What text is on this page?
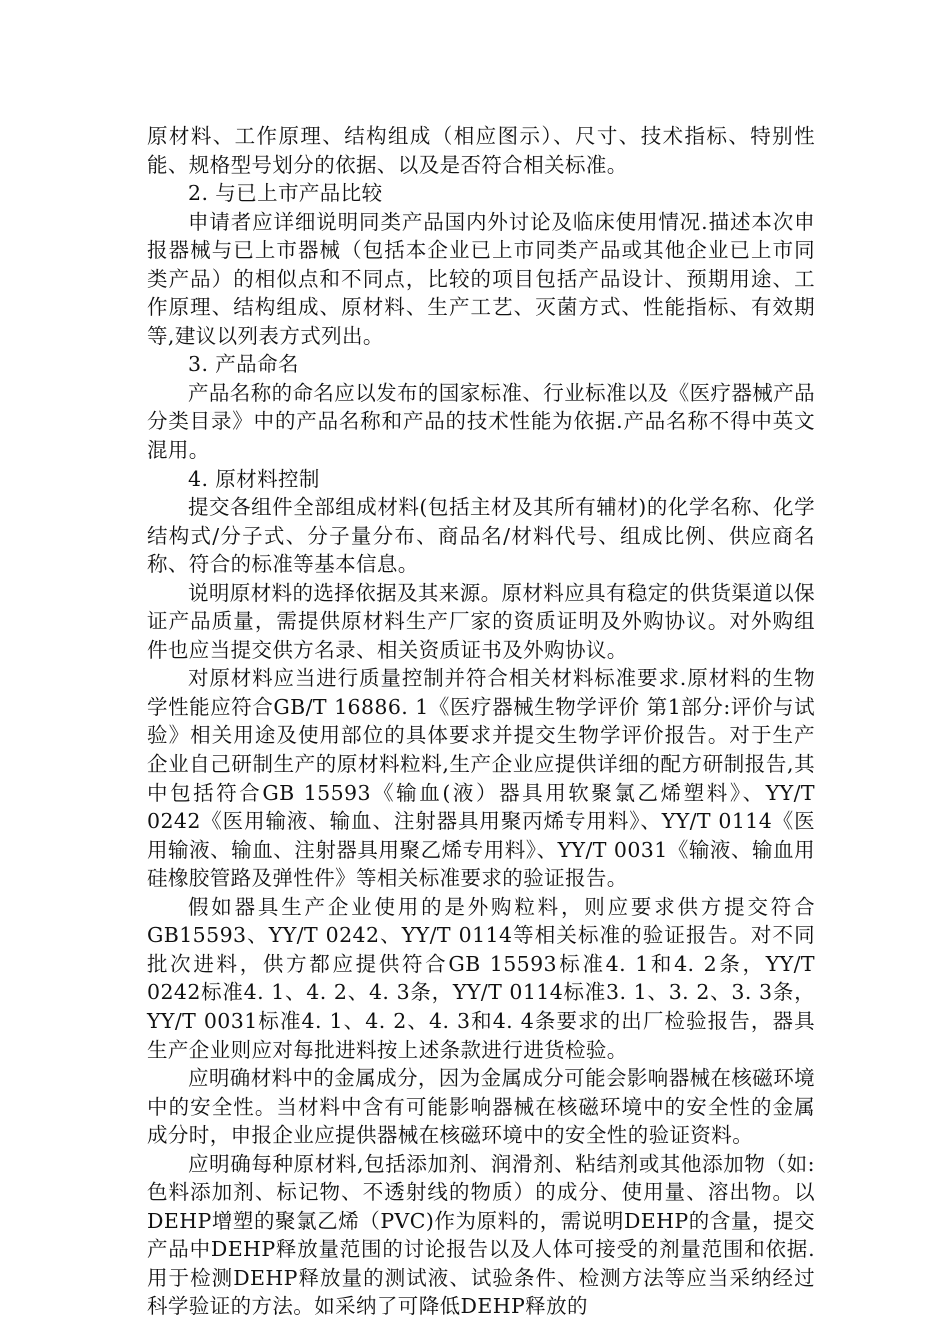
原材料、工作原理、结构组成（相应图示）、尺寸、技术指标、特别性能、规格型号划分的依据、以及是否符合相关标准。

2. 与已上市产品比较

申请者应详细说明同类产品国内外讨论及临床使用情况.描述本次申报器械与已上市器械（包括本企业已上市同类产品或其他企业已上市同类产品）的相似点和不同点，比较的项目包括产品设计、预期用途、工作原理、结构组成、原材料、生产工艺、灭菌方式、性能指标、有效期等,建议以列表方式列出。

3. 产品命名

产品名称的命名应以发布的国家标准、行业标准以及《医疗器械产品分类目录》中的产品名称和产品的技术性能为依据.产品名称不得中英文混用。

4. 原材料控制

提交各组件全部组成材料(包括主材及其所有辅材)的化学名称、化学结构式/分子式、分子量分布、商品名/材料代号、组成比例、供应商名称、符合的标准等基本信息。

说明原材料的选择依据及其来源。原材料应具有稳定的供货渠道以保证产品质量，需提供原材料生产厂家的资质证明及外购协议。对外购组件也应当提交供方名录、相关资质证书及外购协议。

对原材料应当进行质量控制并符合相关材料标准要求.原材料的生物学性能应符合GB/T 16886. 1《医疗器械生物学评价 第1部分:评价与试验》相关用途及使用部位的具体要求并提交生物学评价报告。对于生产企业自己研制生产的原材料粒料,生产企业应提供详细的配方研制报告,其中包括符合GB 15593《输血(液）器具用软聚氯乙烯塑料》、YY/T 0242《医用输液、输血、注射器具用聚丙烯专用料》、YY/T 0114《医用输液、输血、注射器具用聚乙烯专用料》、YY/T 0031《输液、输血用硅橡胶管路及弹性件》等相关标准要求的验证报告。

假如器具生产企业使用的是外购粒料，则应要求供方提交符合GB15593、YY/T 0242、YY/T 0114等相关标准的验证报告。对不同批次进料，供方都应提供符合GB 15593标准4. 1和4. 2条，YY/T 0242标准4. 1、4. 2、4. 3条，YY/T 0114标准3. 1、3. 2、3. 3条，YY/T 0031标准4. 1、4. 2、4. 3和4. 4条要求的出厂检验报告，器具生产企业则应对每批进料按上述条款进行进货检验。

应明确材料中的金属成分，因为金属成分可能会影响器械在核磁环境中的安全性。当材料中含有可能影响器械在核磁环境中的安全性的金属成分时，申报企业应提供器械在核磁环境中的安全性的验证资料。

应明确每种原材料,包括添加剂、润滑剂、粘结剂或其他添加物（如: 色料添加剂、标记物、不透射线的物质）的成分、使用量、溶出物。以DEHP增塑的聚氯乙烯（PVC)作为原料的，需说明DEHP的含量，提交产品中DEHP释放量范围的讨论报告以及人体可接受的剂量范围和依据.用于检测DEHP释放量的测试液、试验条件、检测方法等应当采纳经过科学验证的方法。如采纳了可降低DEHP释放的
